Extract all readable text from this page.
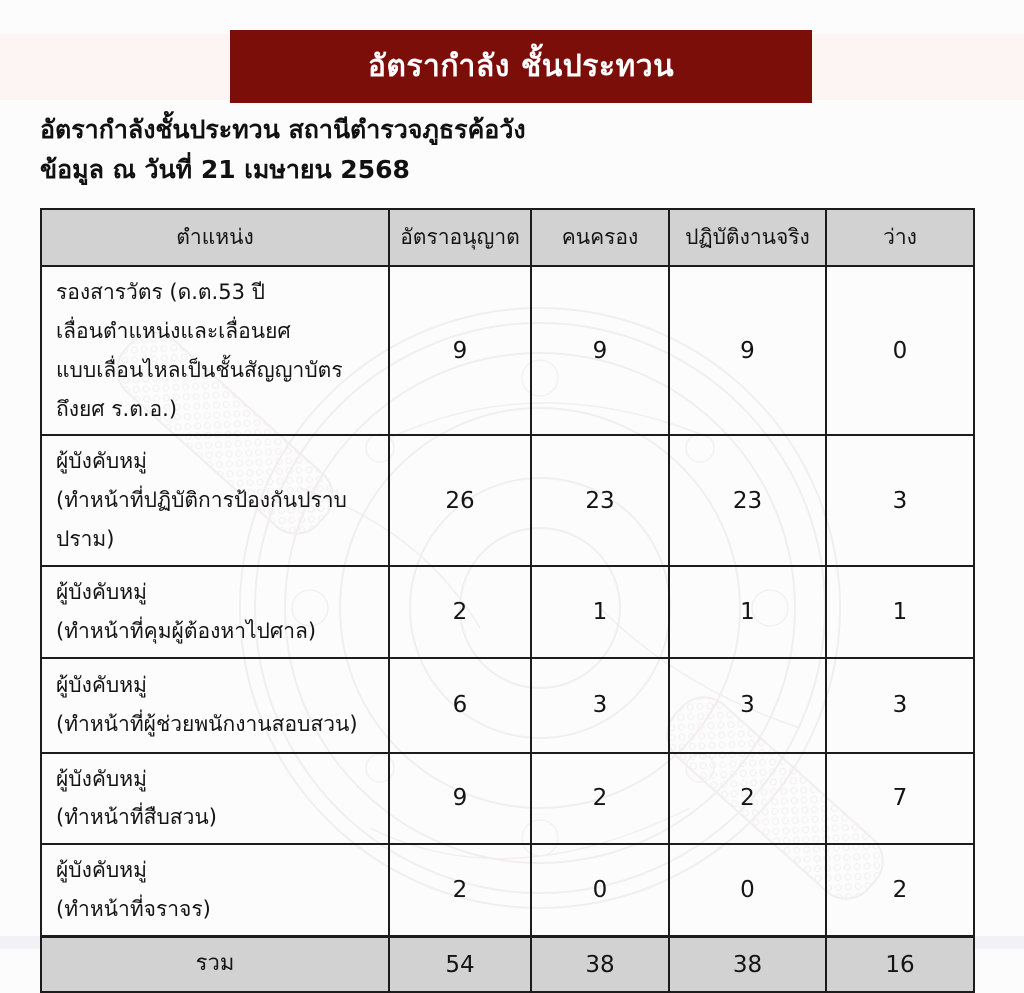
อัตรากำลัง ชั้นประทวน
อัตรากำลังชั้นประทวน สถานีตำรวจภูธรค้อวัง
ข้อมูล ณ วันที่ 21 เมษายน 2568
ตำแหน่ง	อัตราอนุญาต	คนครอง	ปฏิบัติงานจริง	ว่าง

รองสารวัตร (ด.ต.53 ปี
เลื่อนตำแหน่งและเลื่อนยศ
แบบเลื่อนไหลเป็นชั้นสัญญาบัตร
ถึงยศ ร.ต.อ.)	9	9	9	0

ผู้บังคับหมู่
(ทำหน้าที่ปฏิบัติการป้องกันปราบปราม)	26	23	23	3

ผู้บังคับหมู่
(ทำหน้าที่คุมผู้ต้องหาไปศาล)	2	1	1	1

ผู้บังคับหมู่
(ทำหน้าที่ผู้ช่วยพนักงานสอบสวน)	6	3	3	3

ผู้บังคับหมู่
(ทำหน้าที่สืบสวน)	9	2	2	7

ผู้บังคับหมู่
(ทำหน้าที่จราจร)	2	0	0	2
รวม	54	38	38	16
